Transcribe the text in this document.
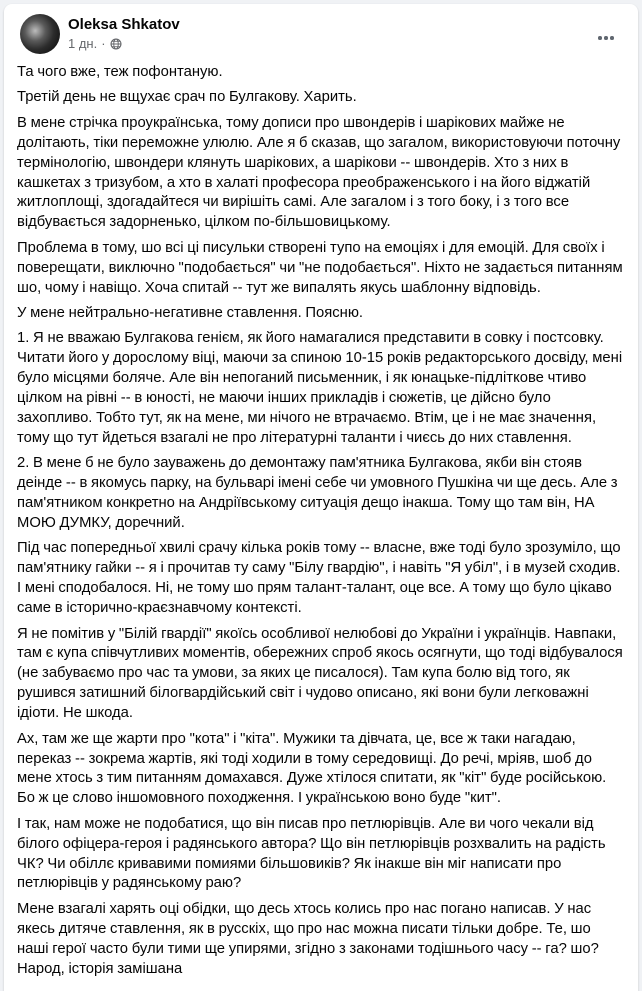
Oleksa Shkatov
1 дн. ·

Та чого вже, теж пофонтаную.

Третій день не вщухає срач по Булгакову. Харить.

В мене стрічка проукраїнська, тому дописи про швондерів і шарікових майже не долітають, тіки переможне улюлю. Але я б сказав, що загалом, використовуючи поточну термінологію, швондери клянуть шарікових, а шарікови -- швондерів. Хто з них в кашкетах з тризубом, а хто в халаті професора преображенського і на його віджатій житлоплощі, здогадайтеся чи вирішіть самі. Але загалом і з того боку, і з того все відбувається задорненько, цілком по-більшовицькому.

Проблема в тому, шо всі ці писульки створені тупо на емоціях і для емоцій. Для своїх і поверещати, виключно "подобається" чи "не подобається". Ніхто не задається питанням шо, чому і навіщо. Хоча спитай -- тут же випалять якусь шаблонну відповідь.

У мене нейтрально-негативне ставлення. Поясню.

1. Я не вважаю Булгакова генієм, як його намагалися представити в совку і постсовку. Читати його у дорослому віці, маючи за спиною 10-15 років редакторського досвіду, мені було місцями боляче. Але він непоганий письменник, і як юнацьке-підліткове чтиво цілком на рівні -- в юності, не маючи інших прикладів і сюжетів, це дійсно було захопливо. Тобто тут, як на мене, ми нічого не втрачаємо. Втім, це і не має значення, тому що тут йдеться взагалі не про літературні таланти і чиєсь до них ставлення.

2. В мене б не було зауважень до демонтажу пам'ятника Булгакова, якби він стояв деінде -- в якомусь парку, на бульварі імені себе чи умовного Пушкіна чи ще десь. Але з пам'ятником конкретно на Андріївському ситуація дещо інакша. Тому що там він, НА МОЮ ДУМКУ, доречний.

Під час попередньої хвилі срачу кілька років тому -- власне, вже тоді було зрозуміло, що пам'ятнику гайки -- я і прочитав ту саму "Білу гвардію", і навіть "Я убіл", і в музей сходив. І мені сподобалося. Ні, не тому шо прям талант-талант, оце все. А тому що було цікаво саме в історично-краєзнавчому контексті.

Я не помітив у "Білій гвардії" якоїсь особливої нелюбові до України і українців. Навпаки, там є купа співчутливих моментів, обережних спроб якось осягнути, що тоді відбувалося (не забуваємо про час та умови, за яких це писалося). Там купа болю від того, як рушився затишний білогвардійський світ і чудово описано, які вони були легковажні ідіоти. Не шкода.

Ах, там же ще жарти про "кота" і "кіта". Мужики та дівчата, це, все ж таки нагадаю, переказ -- зокрема жартів, які тоді ходили в тому середовищі. До речі, мріяв, шоб до мене хтось з тим питанням домахався. Дуже хтілося спитати, як "кіт" буде російською. Бо ж це слово іншомовного походження. І українською воно буде "кит".

І так, нам може не подобатися, що він писав про петлюрівців. Але ви чого чекали від білого офіцера-героя і радянського автора? Що він петлюрівців розхвалить на радість ЧК? Чи обіллє кривавими помиями більшовиків? Як інакше він міг написати про петлюрівців у радянському раю?

Мене взагалі харять оці обідки, що десь хтось колись про нас погано написав. У нас якесь дитяче ставлення, як в русскіх, що про нас можна писати тільки добре. Те, шо наші герої часто були тими ще упирями, згідно з законами тодішнього часу -- га? шо? Народ, історія замішана
